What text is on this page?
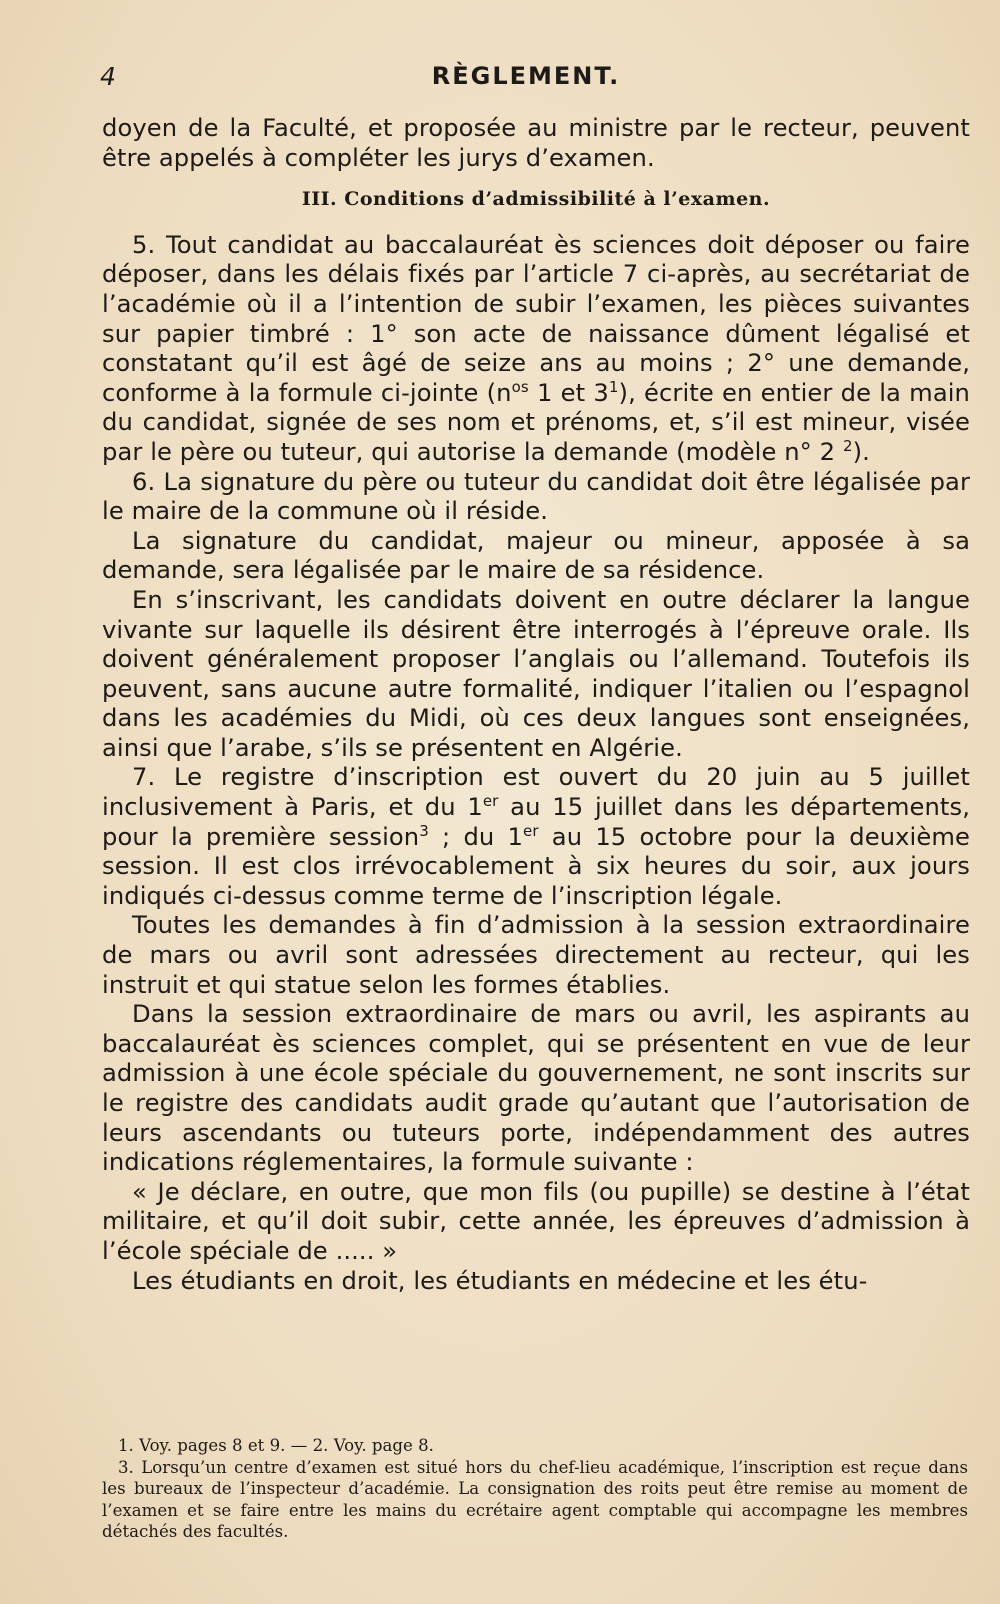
4	RÈGLEMENT.

doyen de la Faculté, et proposée au ministre par le recteur, peuvent être appelés à compléter les jurys d’examen.

III. Conditions d’admissibilité à l’examen.

5. Tout candidat au baccalauréat ès sciences doit déposer ou faire déposer, dans les délais fixés par l’article 7 ci-après, au secrétariat de l’académie où il a l’intention de subir l’examen, les pièces suivantes sur papier timbré : 1° son acte de naissance dûment légalisé et constatant qu’il est âgé de seize ans au moins ; 2° une demande, conforme à la formule ci-jointe ($n^{os}$ 1 et $3^1$), écrite en entier de la main du candidat, signée de ses nom et prénoms, et, s’il est mineur, visée par le père ou tuteur, qui autorise la demande (modèle n° 2 $^2$).

6. La signature du père ou tuteur du candidat doit être légalisée par le maire de la commune où il réside.

La signature du candidat, majeur ou mineur, apposée à sa demande, sera légalisée par le maire de sa résidence.

En s’inscrivant, les candidats doivent en outre déclarer la langue vivante sur laquelle ils désirent être interrogés à l’épreuve orale. Ils doivent généralement proposer l’anglais ou l’allemand. Toutefois ils peuvent, sans aucune autre formalité, indiquer l’italien ou l’espagnol dans les académies du Midi, où ces deux langues sont enseignées, ainsi que l’arabe, s’ils se présentent en Algérie.

7. Le registre d’inscription est ouvert du 20 juin au 5 juillet inclusivement à Paris, et du 1er au 15 juillet dans les départements, pour la première session$^3$ ; du 1er au 15 octobre pour la deuxième session. Il est clos irrévocablement à six heures du soir, aux jours indiqués ci-dessus comme terme de l’inscription légale.

Toutes les demandes à fin d’admission à la session extraordinaire de mars ou avril sont adressées directement au recteur, qui les instruit et qui statue selon les formes établies.

Dans la session extraordinaire de mars ou avril, les aspirants au baccalauréat ès sciences complet, qui se présentent en vue de leur admission à une école spéciale du gouvernement, ne sont inscrits sur le registre des candidats audit grade qu’autant que l’autorisation de leurs ascendants ou tuteurs porte, indépendamment des autres indications réglementaires, la formule suivante :

« Je déclare, en outre, que mon fils (ou pupille) se destine à l’état militaire, et qu’il doit subir, cette année, les épreuves d’admission à l’école spéciale de ..... »

Les étudiants en droit, les étudiants en médecine et les étu-

1. Voy. pages 8 et 9. — 2. Voy. page 8.

3. Lorsqu’un centre d’examen est situé hors du chef-lieu académique, l’inscription est reçue dans les bureaux de l’inspecteur d’académie. La consignation des roits peut être remise au moment de l’examen et se faire entre les mains du ecrétaire agent comptable qui accompagne les membres détachés des facultés.
